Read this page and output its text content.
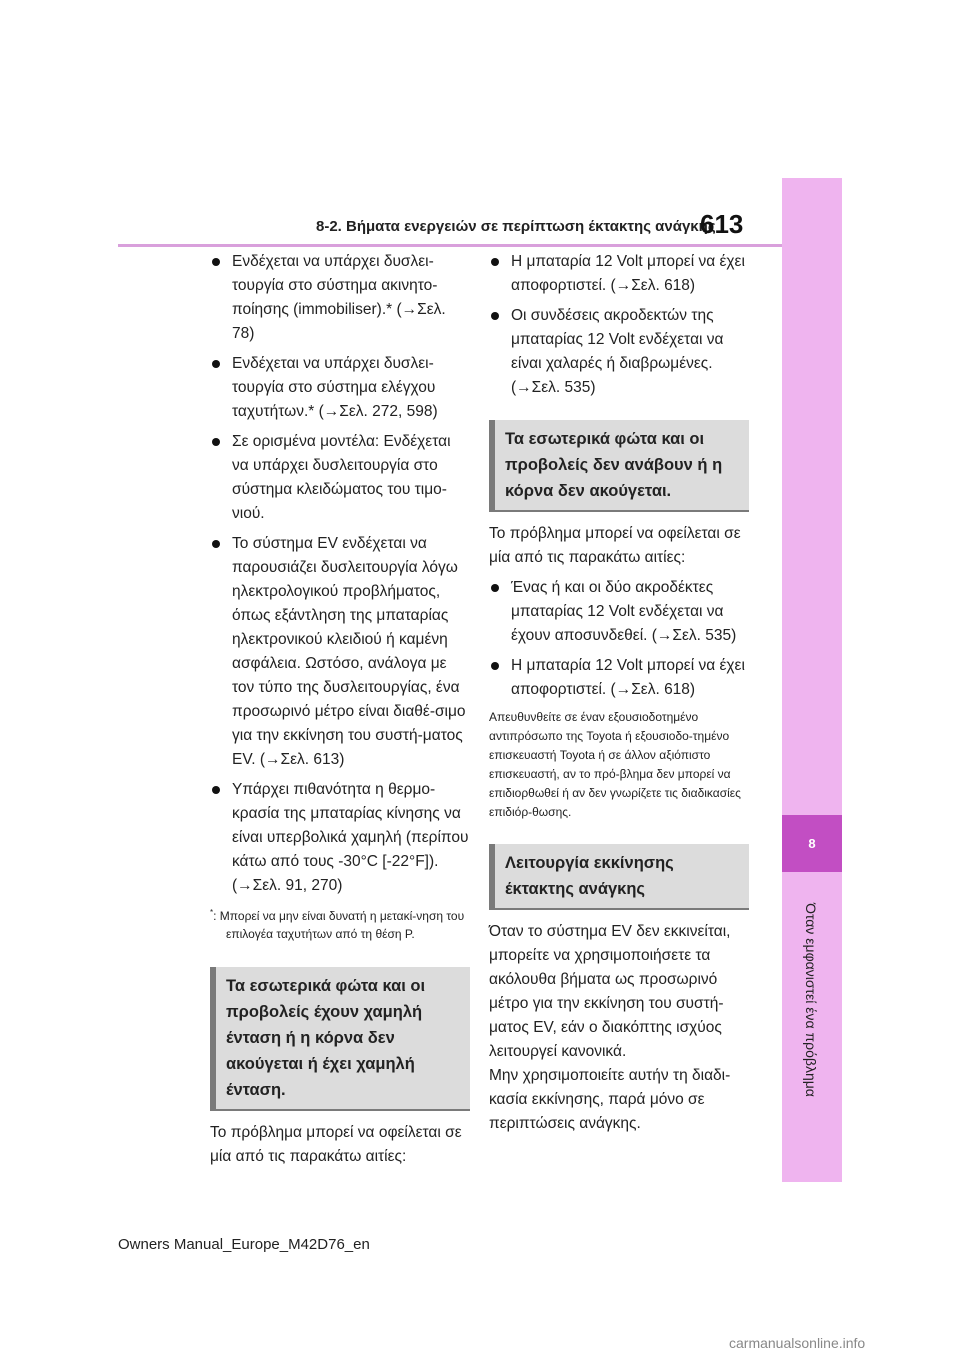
8-2. Βήματα ενεργειών σε περίπτωση έκτακτης ανάγκης
613
8
Όταν εμφανιστεί ένα πρόβλημα
Ενδέχεται να υπάρχει δυσλει-τουργία στο σύστημα ακινητο-ποίησης (immobiliser).* (→Σελ. 78)
Ενδέχεται να υπάρχει δυσλει-τουργία στο σύστημα ελέγχου ταχυτήτων.* (→Σελ. 272, 598)
Σε ορισμένα μοντέλα: Ενδέχεται να υπάρχει δυσλειτουργία στο σύστημα κλειδώματος του τιμο-νιού.
Το σύστημα EV ενδέχεται να παρουσιάζει δυσλειτουργία λόγω ηλεκτρολογικού προβλήματος, όπως εξάντληση της μπαταρίας ηλεκτρονικού κλειδιού ή καμένη ασφάλεια. Ωστόσο, ανάλογα με τον τύπο της δυσλειτουργίας, ένα προσωρινό μέτρο είναι διαθέ-σιμο για την εκκίνηση του συστή-ματος EV. (→Σελ. 613)
Υπάρχει πιθανότητα η θερμο-κρασία της μπαταρίας κίνησης να είναι υπερβολικά χαμηλή (περίπου κάτω από τους -30°C [-22°F]). (→Σελ. 91, 270)
*: Μπορεί να μην είναι δυνατή η μετακί-νηση του επιλογέα ταχυτήτων από τη θέση P.
Τα εσωτερικά φώτα και οι προβολείς έχουν χαμηλή ένταση ή η κόρνα δεν ακούγεται ή έχει χαμηλή ένταση.
Το πρόβλημα μπορεί να οφείλεται σε μία από τις παρακάτω αιτίες:
Η μπαταρία 12 Volt μπορεί να έχει αποφορτιστεί. (→Σελ. 618)
Οι συνδέσεις ακροδεκτών της μπαταρίας 12 Volt ενδέχεται να είναι χαλαρές ή διαβρωμένες. (→Σελ. 535)
Τα εσωτερικά φώτα και οι προβολείς δεν ανάβουν ή η κόρνα δεν ακούγεται.
Το πρόβλημα μπορεί να οφείλεται σε μία από τις παρακάτω αιτίες:
Ένας ή και οι δύο ακροδέκτες μπαταρίας 12 Volt ενδέχεται να έχουν αποσυνδεθεί. (→Σελ. 535)
Η μπαταρία 12 Volt μπορεί να έχει αποφορτιστεί. (→Σελ. 618)
Απευθυνθείτε σε έναν εξουσιοδοτημένο αντιπρόσωπο της Toyota ή εξουσιοδο-τημένο επισκευαστή Toyota ή σε άλλον αξιόπιστο επισκευαστή, αν το πρό-βλημα δεν μπορεί να επιδιορθωθεί ή αν δεν γνωρίζετε τις διαδικασίες επιδιόρ-θωσης.
Λειτουργία εκκίνησης έκτακτης ανάγκης
Όταν το σύστημα EV δεν εκκινείται, μπορείτε να χρησιμοποιήσετε τα ακόλουθα βήματα ως προσωρινό μέτρο για την εκκίνηση του συστή-ματος EV, εάν ο διακόπτης ισχύος λειτουργεί κανονικά.
Μην χρησιμοποιείτε αυτήν τη διαδι-κασία εκκίνησης, παρά μόνο σε περιπτώσεις ανάγκης.
Owners Manual_Europe_M42D76_en
carmanualsonline.info
